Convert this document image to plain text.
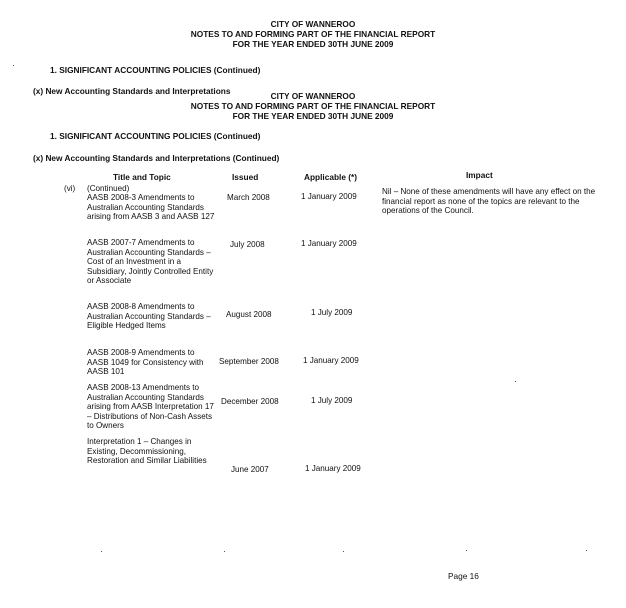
CITY OF WANNEROO
NOTES TO AND FORMING PART OF THE FINANCIAL REPORT
FOR THE YEAR ENDED 30TH JUNE 2009
1. SIGNIFICANT ACCOUNTING POLICIES (Continued)
(x) New Accounting Standards and Interpretations	CITY OF WANNEROO
NOTES TO AND FORMING PART OF THE FINANCIAL REPORT
FOR THE YEAR ENDED 30TH JUNE 2009
1. SIGNIFICANT ACCOUNTING POLICIES (Continued)
(x) New Accounting Standards and Interpretations (Continued)
Title and Topic	Issued	Applicable (*)	Impact
(vi) (Continued)
AASB 2008-3 Amendments to Australian Accounting Standards arising from AASB 3 and AASB 127
March 2008	1 January 2009
Nil – None of these amendments will have any effect on the financial report as none of the topics are relevant to the operations of the Council.
AASB 2007-7 Amendments to Australian Accounting Standards – Cost of an Investment in a Subsidiary, Jointly Controlled Entity or Associate
July 2008	1 January 2009
AASB 2008-8 Amendments to Australian Accounting Standards – Eligible Hedged Items
August 2008	1 July 2009
AASB 2008-9 Amendments to AASB 1049 for Consistency with AASB 101
September 2008	1 January 2009
AASB 2008-13 Amendments to Australian Accounting Standards arising from AASB Interpretation 17 – Distributions of Non-Cash Assets to Owners
December 2008	1 July 2009
Interpretation 1 – Changes in Existing, Decommissioning, Restoration and Similar Liabilities
June 2007	1 January 2009
Page 16
